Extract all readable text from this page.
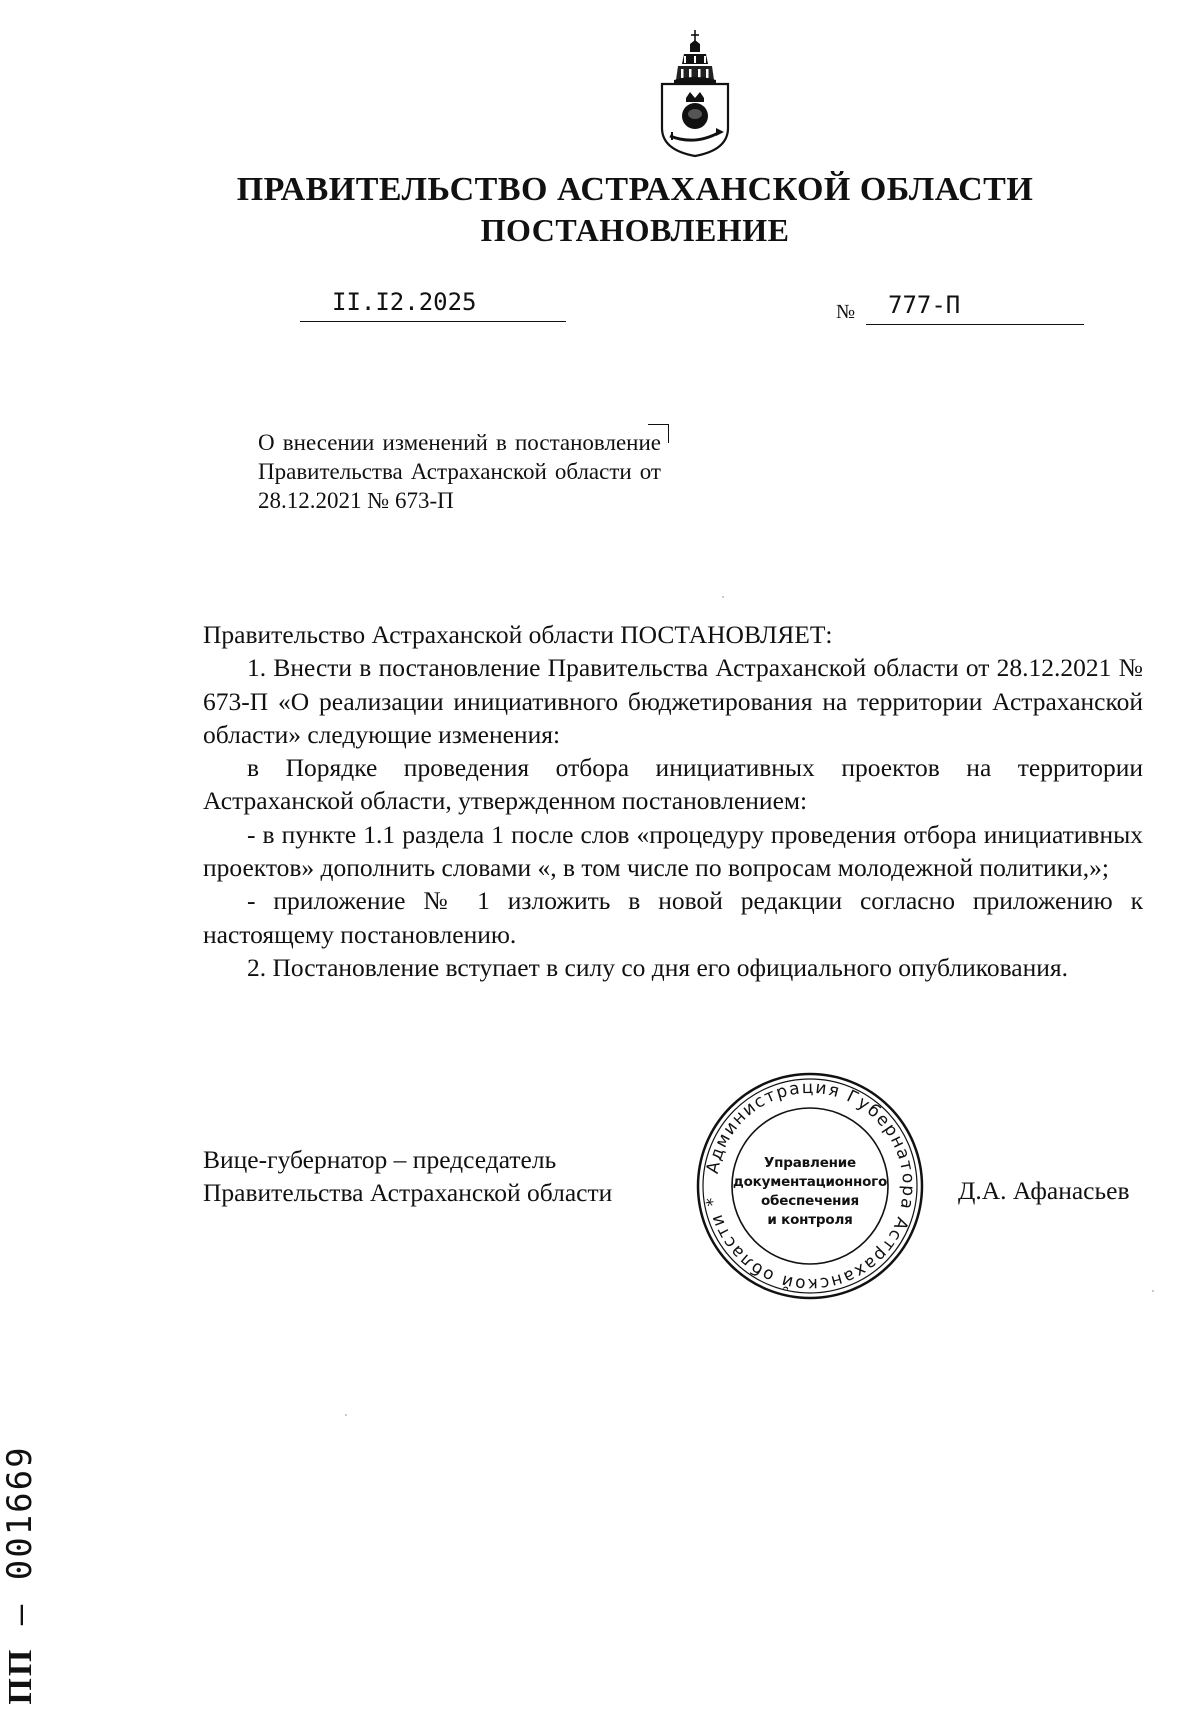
ПРАВИТЕЛЬСТВО АСТРАХАНСКОЙ ОБЛАСТИ
ПОСТАНОВЛЕНИЕ
II.I2.2025	№ 777-П
О внесении изменений в постановление Правительства Астраханской области от 28.12.2021 № 673-П

Правительство Астраханской области ПОСТАНОВЛЯЕТ:

1. Внести в постановление Правительства Астраханской области от 28.12.2021 № 673-П «О реализации инициативного бюджетирования на территории Астраханской области» следующие изменения:

в Порядке проведения отбора инициативных проектов на территории Астраханской области, утвержденном постановлением:

- в пункте 1.1 раздела 1 после слов «процедуру проведения отбора инициативных проектов» дополнить словами «, в том числе по вопросам молодежной политики,»;

- приложение № 1 изложить в новой редакции согласно приложению к настоящему постановлению.

2. Постановление вступает в силу со дня его официального опубликования.

Вице-губернатор – председатель
Правительства Астраханской области
Администрация Губернатора Астраханской области *
Управление
документационного
обеспечения
и контроля
Д.А. Афанасьев
ПП – 001669
